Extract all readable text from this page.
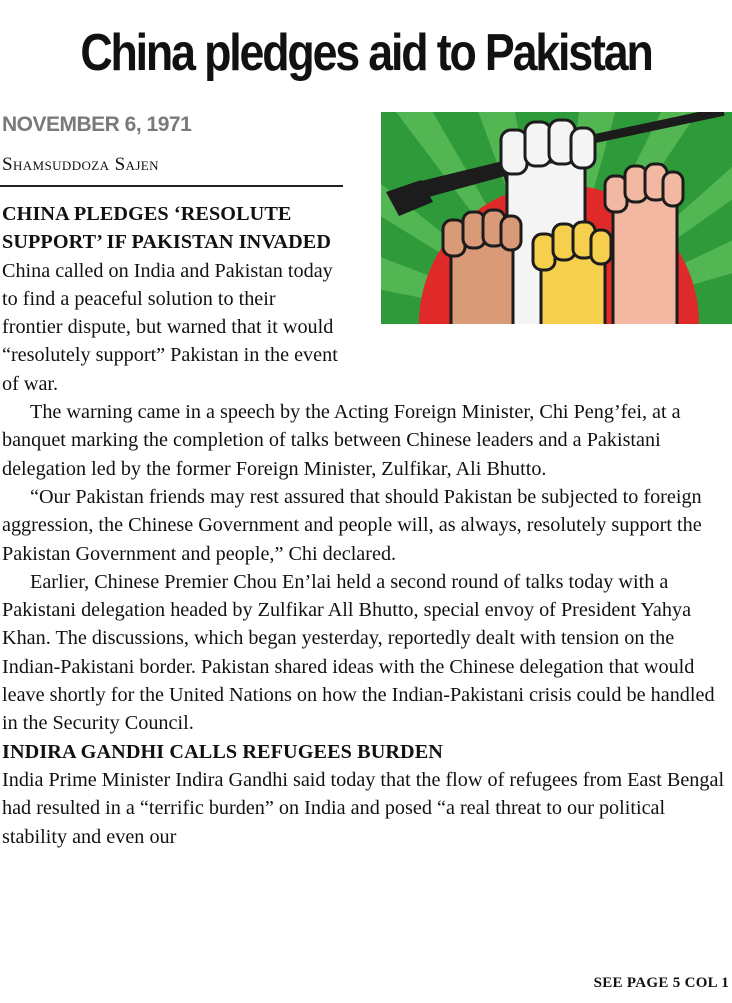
China pledges aid to Pakistan
NOVEMBER 6, 1971
Shamsuddoza Sajen
CHINA PLEDGES ‘RESOLUTE SUPPORT’ IF PAKISTAN INVADED

China called on India and Pakistan today to find a peaceful solution to their frontier dispute, but warned that it would “resolutely support” Pakistan in the event of war.

The warning came in a speech by the Acting Foreign Minister, Chi Peng’fei, at a banquet marking the completion of talks between Chinese leaders and a Pakistani delegation led by the former Foreign Minister, Zulfikar, Ali Bhutto.

“Our Pakistan friends may rest assured that should Pakistan be subjected to foreign aggression, the Chinese Government and people will, as always, resolutely support the Pakistan Government and people,” Chi declared.

Earlier, Chinese Premier Chou En’lai held a second round of talks today with a Pakistani delegation headed by Zulfikar All Bhutto, special envoy of President Yahya Khan. The discussions, which began yesterday, reportedly dealt with tension on the Indian-Pakistani border. Pakistan shared ideas with the Chinese delegation that would leave shortly for the United Nations on how the Indian-Pakistani crisis could be handled in the Security Council.

INDIRA GANDHI CALLS REFUGEES BURDEN

India Prime Minister Indira Gandhi said today that the flow of refugees from East Bengal had resulted in a “terrific burden” on India and posed “a real threat to our political stability and even our

SEE PAGE 5 COL 1
